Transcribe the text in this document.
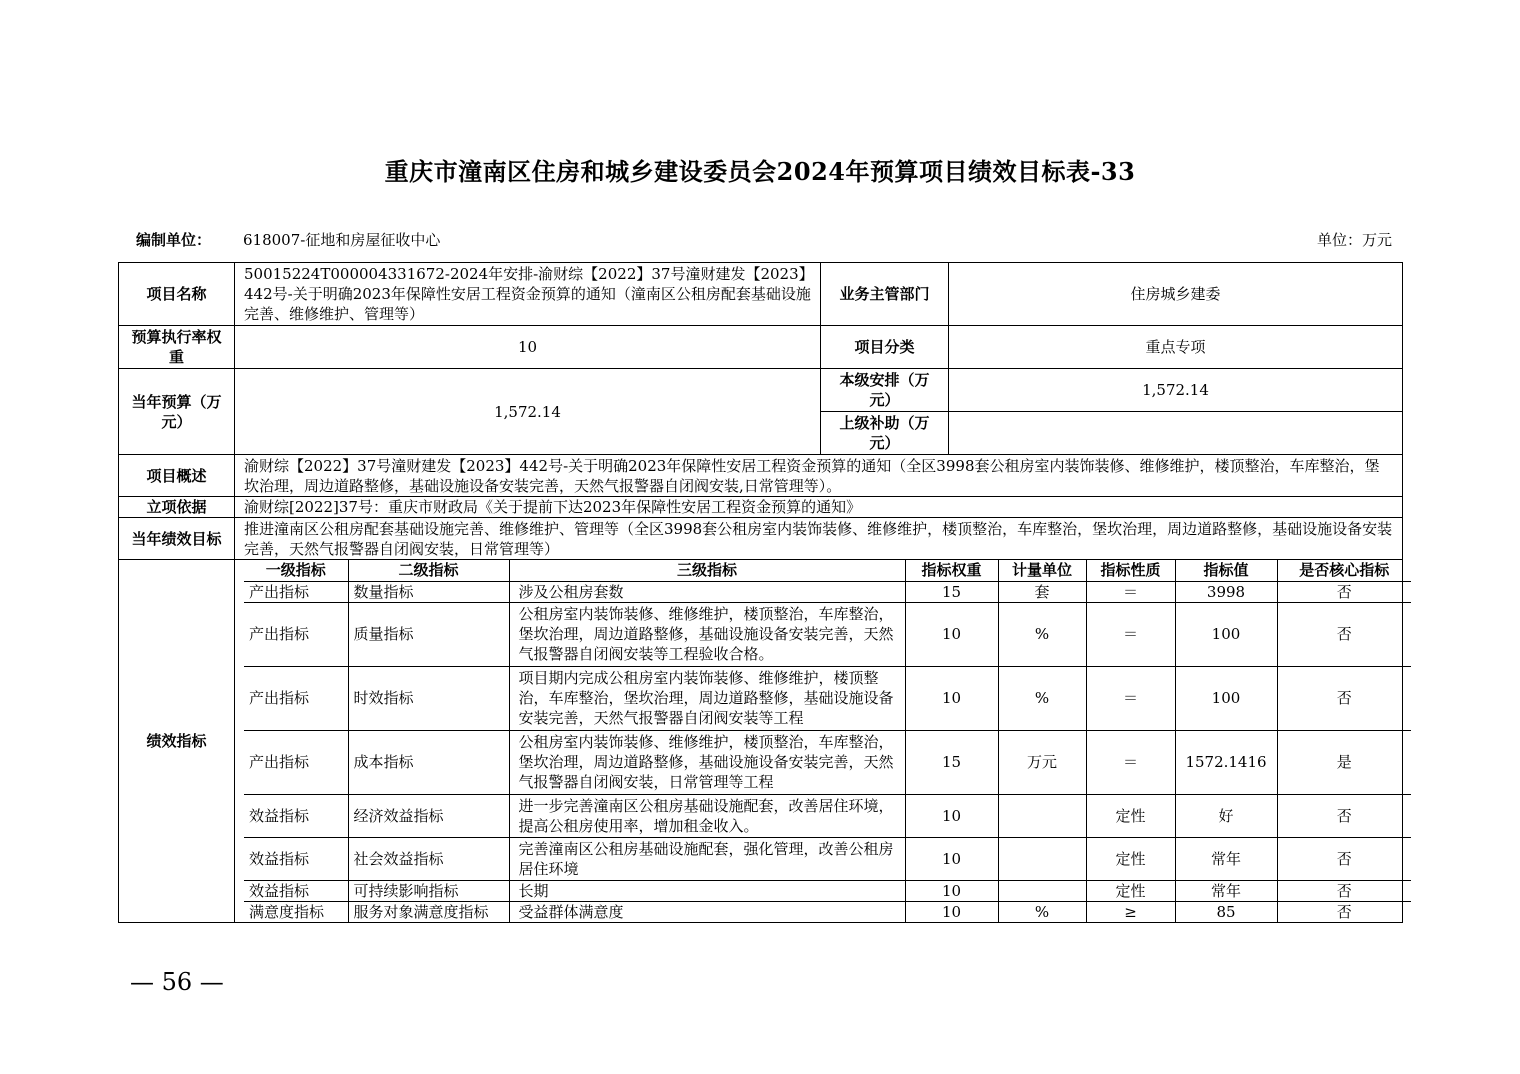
重庆市潼南区住房和城乡建设委员会2024年预算项目绩效目标表-33
编制单位： 618007-征地和房屋征收中心	单位：万元
项目名称	50015224T000004331672-2024年安排-渝财综【2022】37号潼财建发【2023】442号-关于明确2023年保障性安居工程资金预算的通知（潼南区公租房配套基础设施完善、维修维护、管理等）	业务主管部门	住房城乡建委
预算执行率权重	10	项目分类	重点专项
当年预算（万元）	1,572.14	本级安排（万元）	1,572.14
上级补助（万元）	
项目概述	渝财综【2022】37号潼财建发【2023】442号-关于明确2023年保障性安居工程资金预算的通知（全区3998套公租房室内装饰装修、维修维护，楼顶整治，车库整治，堡坎治理，周边道路整修，基础设施设备安装完善，天然气报警器自闭阀安装,日常管理等）。
立项依据	渝财综[2022]37号：重庆市财政局《关于提前下达2023年保障性安居工程资金预算的通知》
当年绩效目标	推进潼南区公租房配套基础设施完善、维修维护、管理等（全区3998套公租房室内装饰装修、维修维护，楼顶整治，车库整治，堡坎治理，周边道路整修，基础设施设备安装完善，天然气报警器自闭阀安装，日常管理等）
绩效指标	
一级指标	二级指标	三级指标	指标权重	计量单位	指标性质	指标值	是否核心指标
产出指标	数量指标	涉及公租房套数	15	套	＝	3998	否
产出指标	质量指标	公租房室内装饰装修、维修维护，楼顶整治，车库整治，堡坎治理，周边道路整修，基础设施设备安装完善，天然气报警器自闭阀安装等工程验收合格。	10	%	＝	100	否
产出指标	时效指标	项目期内完成公租房室内装饰装修、维修维护，楼顶整治，车库整治，堡坎治理，周边道路整修，基础设施设备安装完善，天然气报警器自闭阀安装等工程	10	%	＝	100	否
产出指标	成本指标	公租房室内装饰装修、维修维护，楼顶整治，车库整治，堡坎治理，周边道路整修，基础设施设备安装完善，天然气报警器自闭阀安装，日常管理等工程	15	万元	＝	1572.1416	是
效益指标	经济效益指标	进一步完善潼南区公租房基础设施配套，改善居住环境，提高公租房使用率，增加租金收入。	10		定性	好	否
效益指标	社会效益指标	完善潼南区公租房基础设施配套，强化管理，改善公租房居住环境	10		定性	常年	否
效益指标	可持续影响指标	长期	10		定性	常年	否
满意度指标	服务对象满意度指标	受益群体满意度	10	%	≥	85	否
— 56 —
